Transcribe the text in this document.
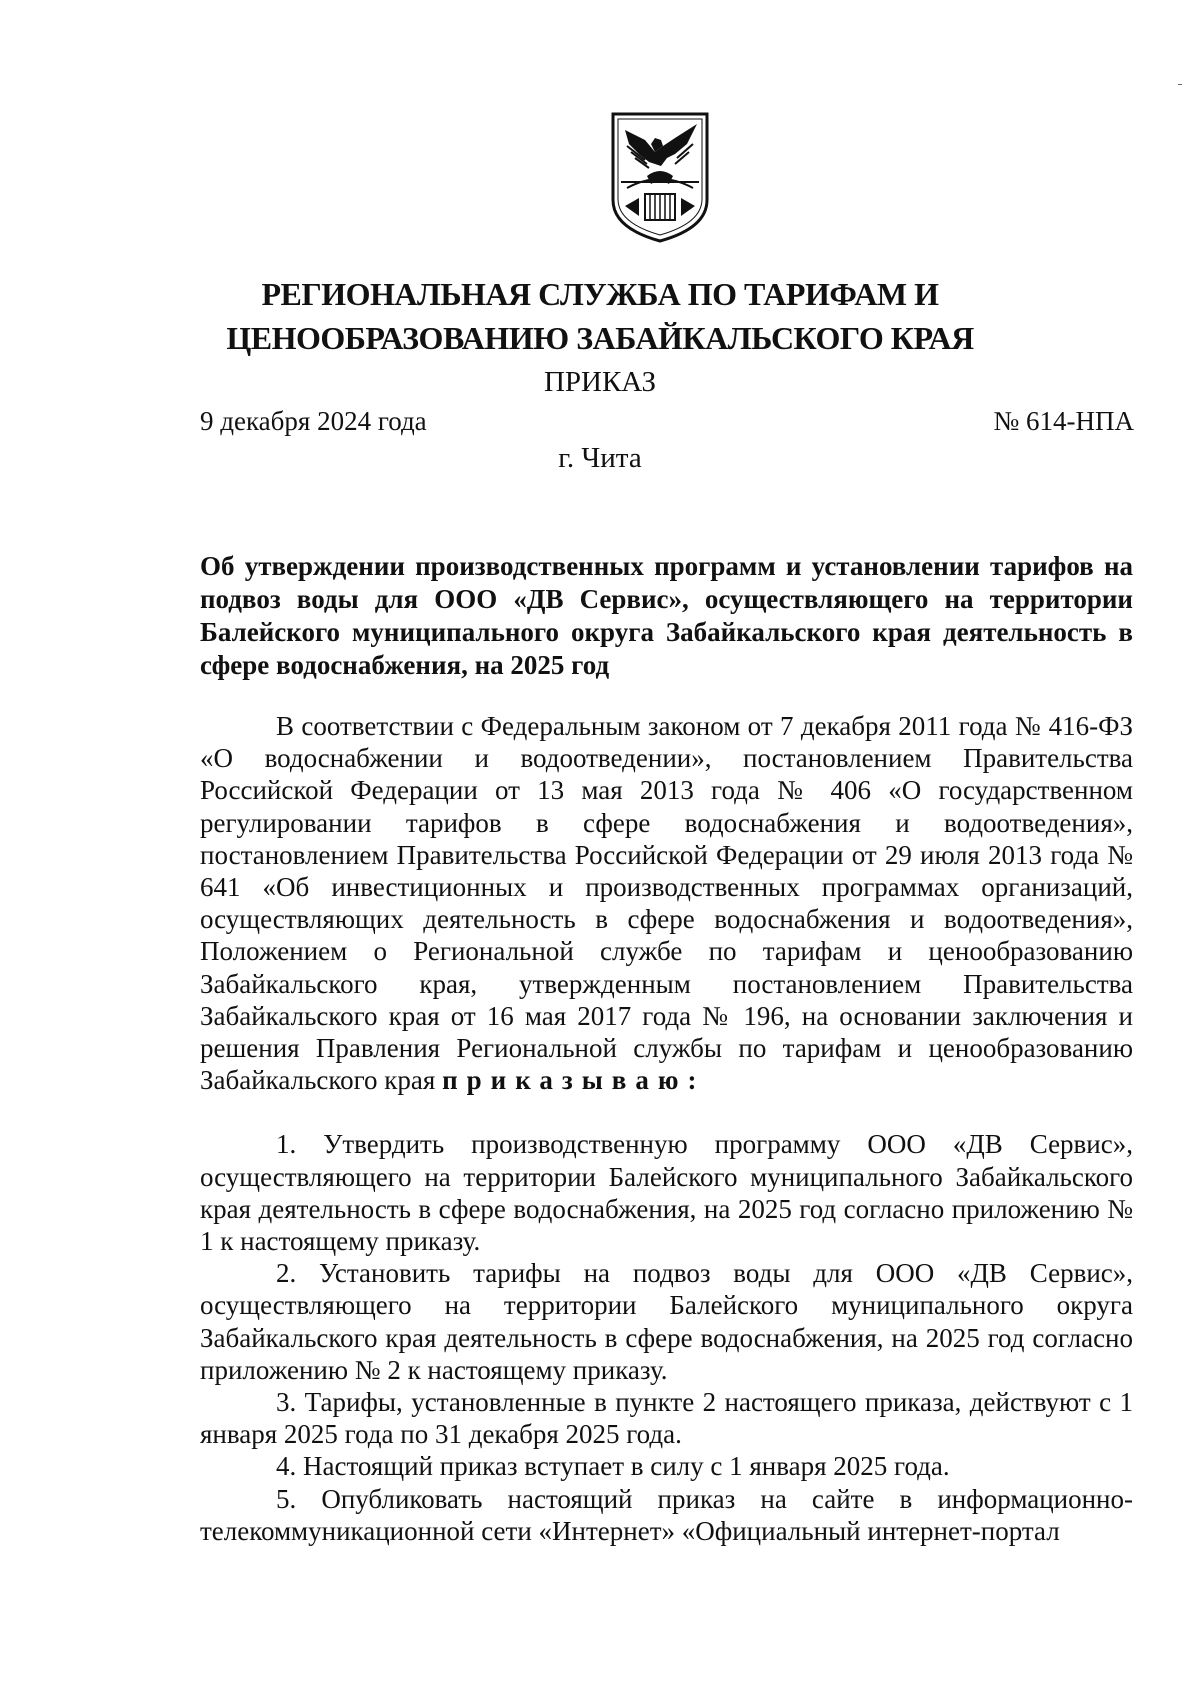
РЕГИОНАЛЬНАЯ СЛУЖБА ПО ТАРИФАМ И
ЦЕНООБРАЗОВАНИЮ ЗАБАЙКАЛЬСКОГО КРАЯ
ПРИКАЗ
9 декабря 2024 года	№ 614-НПА
г. Чита
Об утверждении производственных программ и установлении тарифов на подвоз воды для ООО «ДВ Сервис», осуществляющего на территории Балейского муниципального округа Забайкальского края деятельность в сфере водоснабжения, на 2025 год

В соответствии с Федеральным законом от 7 декабря 2011 года № 416-ФЗ «О водоснабжении и водоотведении», постановлением Правительства Российской Федерации от 13 мая 2013 года № 406 «О государственном регулировании тарифов в сфере водоснабжения и водоотведения», постановлением Правительства Российской Федерации от 29 июля 2013 года № 641 «Об инвестиционных и производственных программах организаций, осуществляющих деятельность в сфере водоснабжения и водоотведения», Положением о Региональной службе по тарифам и ценообразованию Забайкальского края, утвержденным постановлением Правительства Забайкальского края от 16 мая 2017 года № 196, на основании заключения и решения Правления Региональной службы по тарифам и ценообразованию Забайкальского края приказываю:

1. Утвердить производственную программу ООО «ДВ Сервис», осуществляющего на территории Балейского муниципального Забайкальского края деятельность в сфере водоснабжения, на 2025 год согласно приложению № 1 к настоящему приказу.

2. Установить тарифы на подвоз воды для ООО «ДВ Сервис», осуществляющего на территории Балейского муниципального округа Забайкальского края деятельность в сфере водоснабжения, на 2025 год согласно приложению № 2 к настоящему приказу.

3. Тарифы, установленные в пункте 2 настоящего приказа, действуют с 1 января 2025 года по 31 декабря 2025 года.

4. Настоящий приказ вступает в силу с 1 января 2025 года.

5. Опубликовать настоящий приказ на сайте в информационно-телекоммуникационной сети «Интернет» «Официальный интернет-портал
